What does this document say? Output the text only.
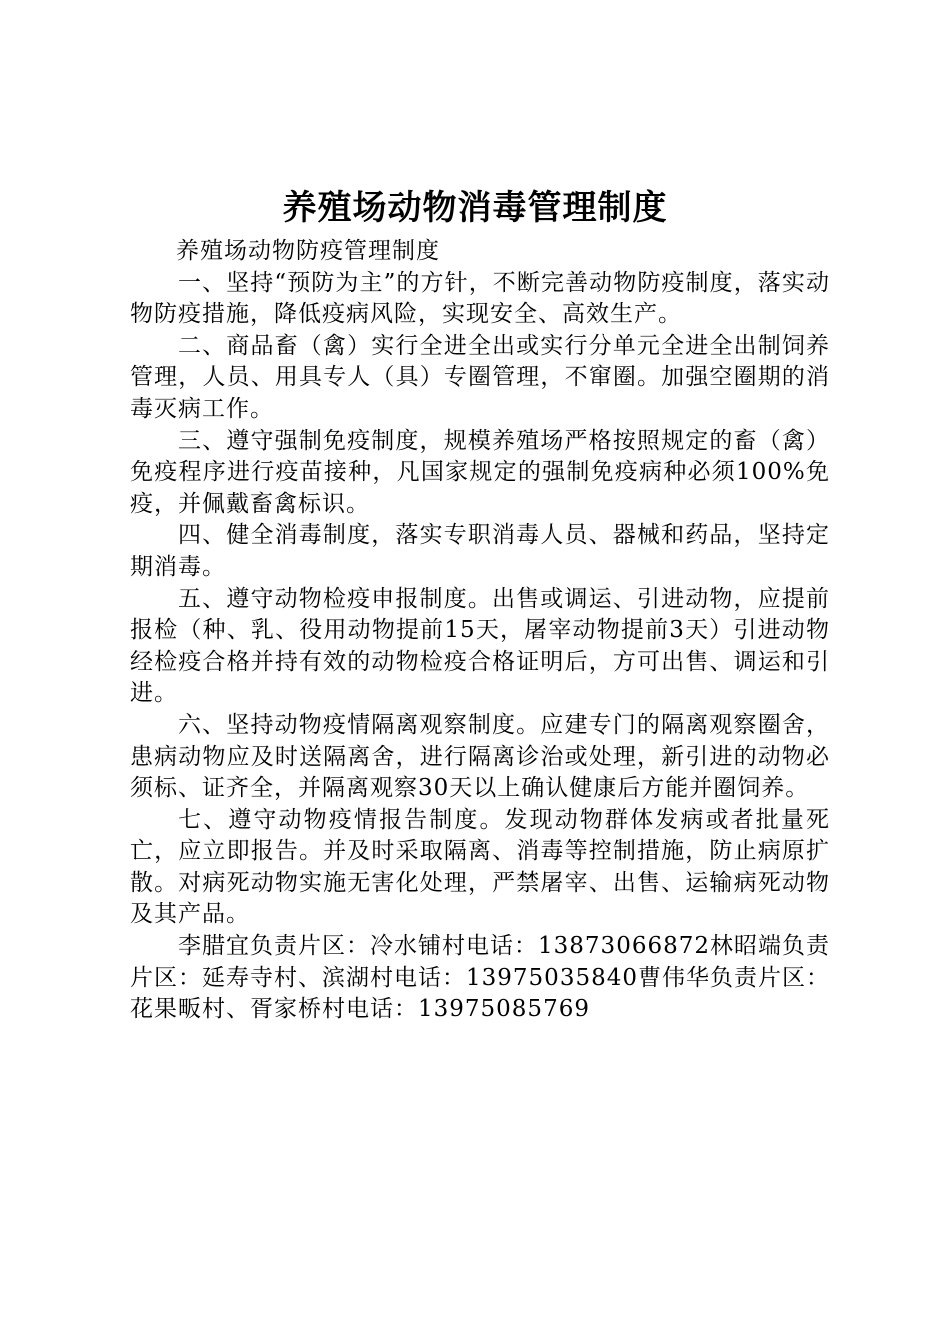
养殖场动物消毒管理制度

养殖场动物防疫管理制度

一、坚持“预防为主”的方针，不断完善动物防疫制度，落实动物防疫措施，降低疫病风险，实现安全、高效生产。

二、商品畜（禽）实行全进全出或实行分单元全进全出制饲养管理，人员、用具专人（具）专圈管理，不窜圈。加强空圈期的消毒灭病工作。

三、遵守强制免疫制度，规模养殖场严格按照规定的畜（禽）免疫程序进行疫苗接种，凡国家规定的强制免疫病种必须100%免疫，并佩戴畜禽标识。

四、健全消毒制度，落实专职消毒人员、器械和药品，坚持定期消毒。

五、遵守动物检疫申报制度。出售或调运、引进动物，应提前报检（种、乳、役用动物提前15天，屠宰动物提前3天）引进动物经检疫合格并持有效的动物检疫合格证明后，方可出售、调运和引进。

六、坚持动物疫情隔离观察制度。应建专门的隔离观察圈舍，患病动物应及时送隔离舍，进行隔离诊治或处理，新引进的动物必须标、证齐全，并隔离观察30天以上确认健康后方能并圈饲养。

七、遵守动物疫情报告制度。发现动物群体发病或者批量死亡，应立即报告。并及时采取隔离、消毒等控制措施，防止病原扩散。对病死动物实施无害化处理，严禁屠宰、出售、运输病死动物及其产品。

李腊宜负责片区：冷水铺村电话：13873066872林昭端负责片区：延寿寺村、滨湖村电话：13975035840曹伟华负责片区：花果畈村、胥家桥村电话：13975085769
